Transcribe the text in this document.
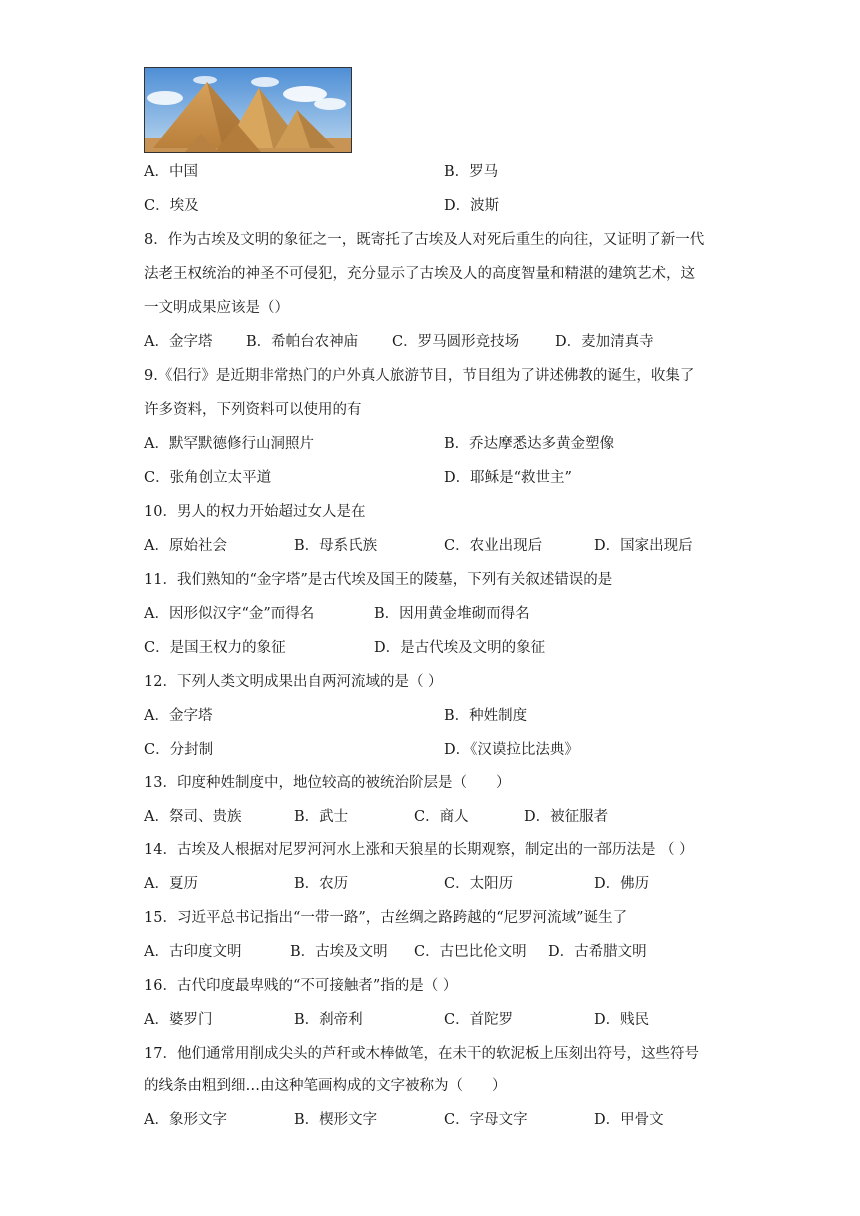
A．中国	B．罗马
C．埃及	D．波斯
8．作为古埃及文明的象征之一，既寄托了古埃及人对死后重生的向往，又证明了新一代
法老王权统治的神圣不可侵犯，充分显示了古埃及人的高度智量和精湛的建筑艺术，这
一文明成果应该是（）
A．金字塔 B．希帕台农神庙 C．罗马圆形竞技场 D．麦加清真寺
9.《侣行》是近期非常热门的户外真人旅游节目，节目组为了讲述佛教的诞生，收集了
许多资料，下列资料可以使用的有
A．默罕默德修行山洞照片	B．乔达摩悉达多黄金塑像
C．张角创立太平道	D．耶稣是“救世主”
10．男人的权力开始超过女人是在
A．原始社会	B．母系氏族	C．农业出现后	D．国家出现后
11．我们熟知的“金字塔”是古代埃及国王的陵墓，下列有关叙述错误的是
A．因形似汉字“金”而得名	B．因用黄金堆砌而得名
C．是国王权力的象征	D．是古代埃及文明的象征
12．下列人类文明成果出自两河流域的是（ ）
A．金字塔	B．种姓制度
C．分封制	D．《汉谟拉比法典》
13．印度种姓制度中，地位较高的被统治阶层是（　　）
A．祭司、贵族	B．武士	C．商人	D．被征服者
14．古埃及人根据对尼罗河河水上涨和天狼星的长期观察，制定出的一部历法是 （ ）
A．夏历	B．农历	C．太阳历	D．佛历
15．习近平总书记指出“一带一路”，古丝绸之路跨越的“尼罗河流域”诞生了
A．古印度文明	B．古埃及文明 C．古巴比伦文明 D．古希腊文明
16．古代印度最卑贱的“不可接触者”指的是（ ）
A．婆罗门	B．刹帝利	C．首陀罗	D．贱民
17．他们通常用削成尖头的芦秆或木棒做笔，在未干的软泥板上压刻出符号，这些符号
的线条由粗到细…由这种笔画构成的文字被称为（　　）
A．象形文字	B．楔形文字	C．字母文字	D．甲骨文
